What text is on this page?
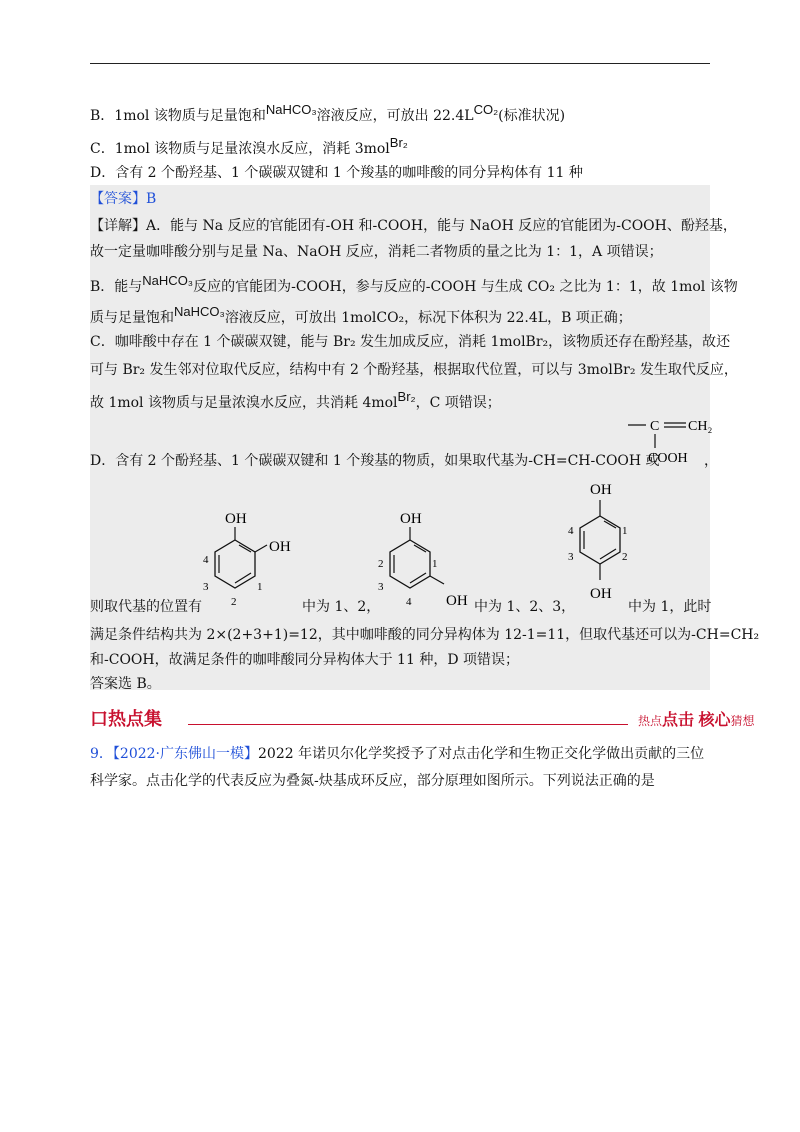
B．1mol 该物质与足量饱和NaHCO₃溶液反应，可放出 22.4LCO₂(标准状况)
C．1mol 该物质与足量浓溴水反应，消耗 3molBr₂
D．含有 2 个酚羟基、1 个碳碳双键和 1 个羧基的咖啡酸的同分异构体有 11 种
【答案】B
【详解】A．能与 Na 反应的官能团有-OH 和-COOH，能与 NaOH 反应的官能团为-COOH、酚羟基，
故一定量咖啡酸分别与足量 Na、NaOH 反应，消耗二者物质的量之比为 1：1，A 项错误；
B．能与NaHCO₃反应的官能团为-COOH，参与反应的-COOH 与生成 CO₂ 之比为 1：1，故 1mol 该物
质与足量饱和NaHCO₃溶液反应，可放出 1molCO₂，标况下体积为 22.4L，B 项正确；
C．咖啡酸中存在 1 个碳碳双键，能与 Br₂ 发生加成反应，消耗 1molBr₂，该物质还存在酚羟基，故还
可与 Br₂ 发生邻对位取代反应，结构中有 2 个酚羟基，根据取代位置，可以与 3molBr₂ 发生取代反应，
故 1mol 该物质与足量浓溴水反应，共消耗 4molBr₂，C 项错误；
C CH₂
COOH
D．含有 2 个酚羟基、1 个碳碳双键和 1 个羧基的物质，如果取代基为-CH=CH-COOH 或	，
OH
OH
1
2
3
4
OH
OH
1
2
3
4
OH
OH
1
2
3
4
则取代基的位置有	中为 1、2，	中为 1、2、3，	中为 1，此时
满足条件结构共为 2×(2+3+1)=12，其中咖啡酸的同分异构体为 12-1=11，但取代基还可以为-CH=CH₂
和-COOH，故满足条件的咖啡酸同分异构体大于 11 种，D 项错误；
答案选 B。
口热点集	热点点击 核心猜想
9．【2022·广东佛山一模】2022 年诺贝尔化学奖授予了对点击化学和生物正交化学做出贡献的三位
科学家。点击化学的代表反应为叠氮-炔基成环反应，部分原理如图所示。下列说法正确的是
